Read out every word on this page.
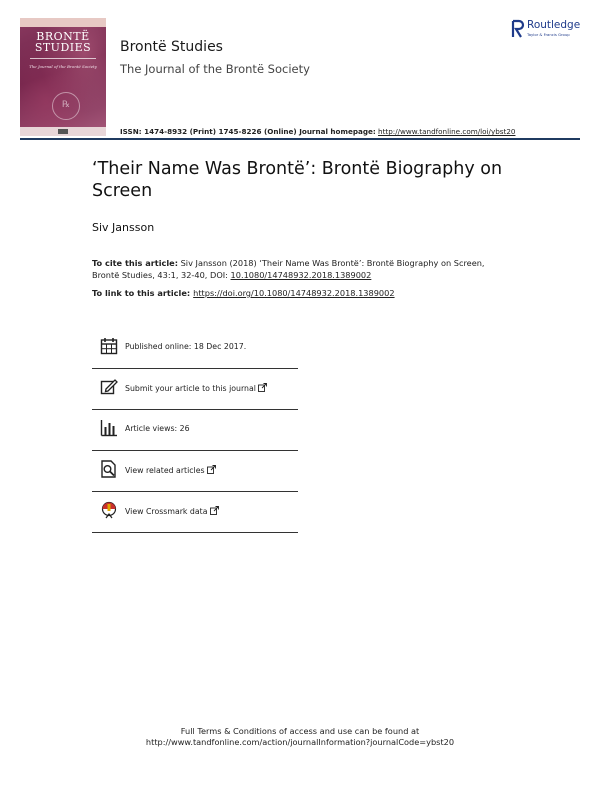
BRONTË
STUDIES
The Journal of the Brontë Society
℞
Brontë Studies
The Journal of the Brontë Society
Routledge
Taylor & Francis Group
ISSN: 1474-8932 (Print) 1745-8226 (Online) Journal homepage: http://www.tandfonline.com/loi/ybst20
‘Their Name Was Brontë’: Brontë Biography on Screen
Siv Jansson
To cite this article: Siv Jansson (2018) ‘Their Name Was Brontë’: Brontë Biography on Screen, Brontë Studies, 43:1, 32-40, DOI: 10.1080/14748932.2018.1389002
To link to this article: https://doi.org/10.1080/14748932.2018.1389002
Published online: 18 Dec 2017.
Submit your article to this journal
Article views: 26
View related articles
View Crossmark data
Full Terms & Conditions of access and use can be found at
http://www.tandfonline.com/action/journalInformation?journalCode=ybst20
